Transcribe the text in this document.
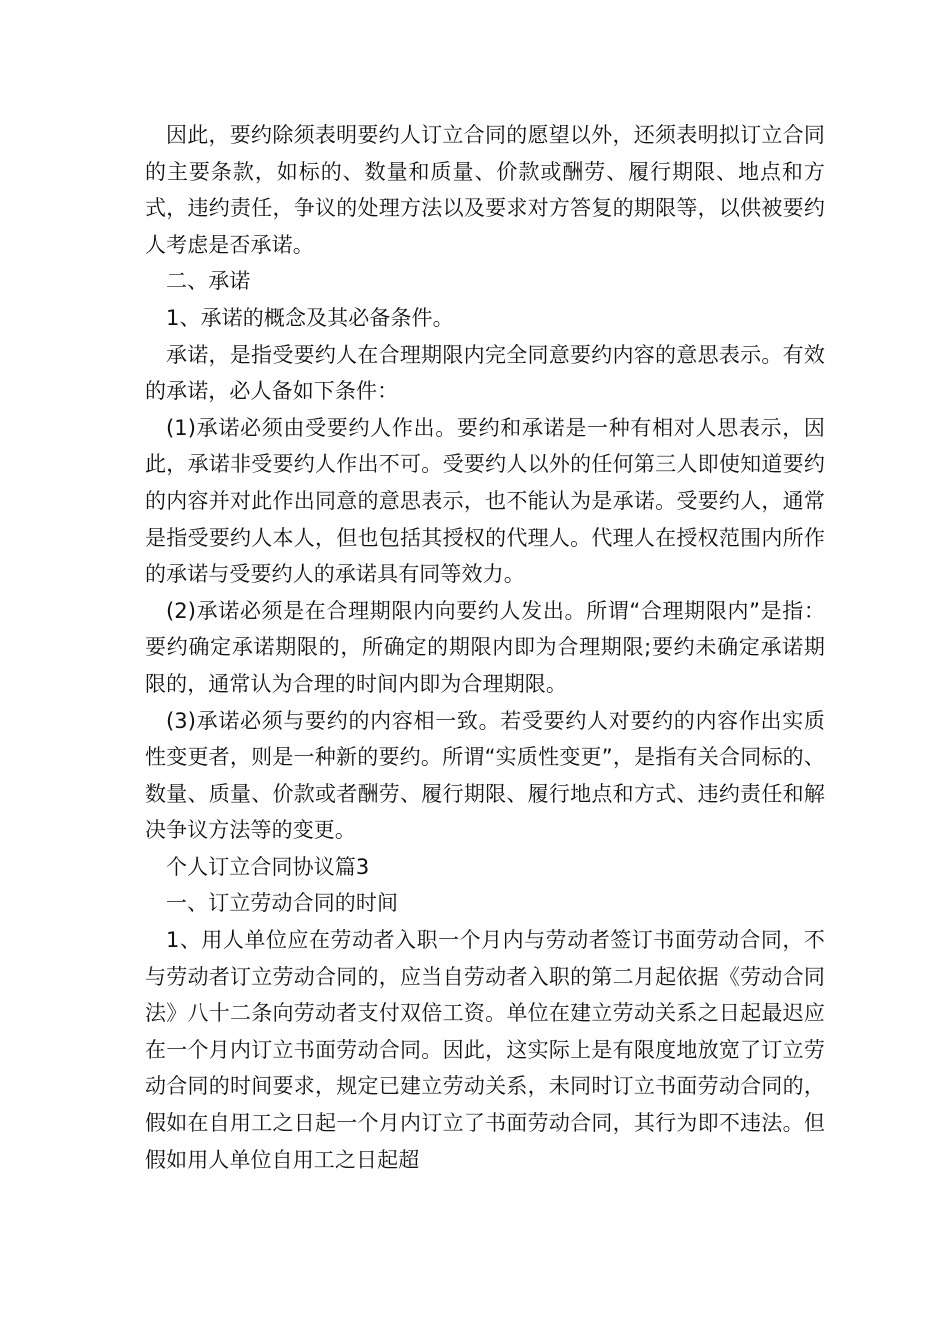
因此，要约除须表明要约人订立合同的愿望以外，还须表明拟订立合同的主要条款，如标的、数量和质量、价款或酬劳、履行期限、地点和方式，违约责任，争议的处理方法以及要求对方答复的期限等，以供被要约人考虑是否承诺。

二、承诺

1、承诺的概念及其必备条件。

承诺，是指受要约人在合理期限内完全同意要约内容的意思表示。有效的承诺，必人备如下条件：

(1)承诺必须由受要约人作出。要约和承诺是一种有相对人思表示，因此，承诺非受要约人作出不可。受要约人以外的任何第三人即使知道要约的内容并对此作出同意的意思表示，也不能认为是承诺。受要约人，通常是指受要约人本人，但也包括其授权的代理人。代理人在授权范围内所作的承诺与受要约人的承诺具有同等效力。

(2)承诺必须是在合理期限内向要约人发出。所谓“合理期限内”是指：要约确定承诺期限的，所确定的期限内即为合理期限;要约未确定承诺期限的，通常认为合理的时间内即为合理期限。

(3)承诺必须与要约的内容相一致。若受要约人对要约的内容作出实质性变更者，则是一种新的要约。所谓“实质性变更”，是指有关合同标的、数量、质量、价款或者酬劳、履行期限、履行地点和方式、违约责任和解决争议方法等的变更。

个人订立合同协议篇3

一、订立劳动合同的时间

1、用人单位应在劳动者入职一个月内与劳动者签订书面劳动合同，不与劳动者订立劳动合同的，应当自劳动者入职的第二月起依据《劳动合同法》八十二条向劳动者支付双倍工资。单位在建立劳动关系之日起最迟应在一个月内订立书面劳动合同。因此，这实际上是有限度地放宽了订立劳动合同的时间要求，规定已建立劳动关系，未同时订立书面劳动合同的，假如在自用工之日起一个月内订立了书面劳动合同，其行为即不违法。但假如用人单位自用工之日起超
